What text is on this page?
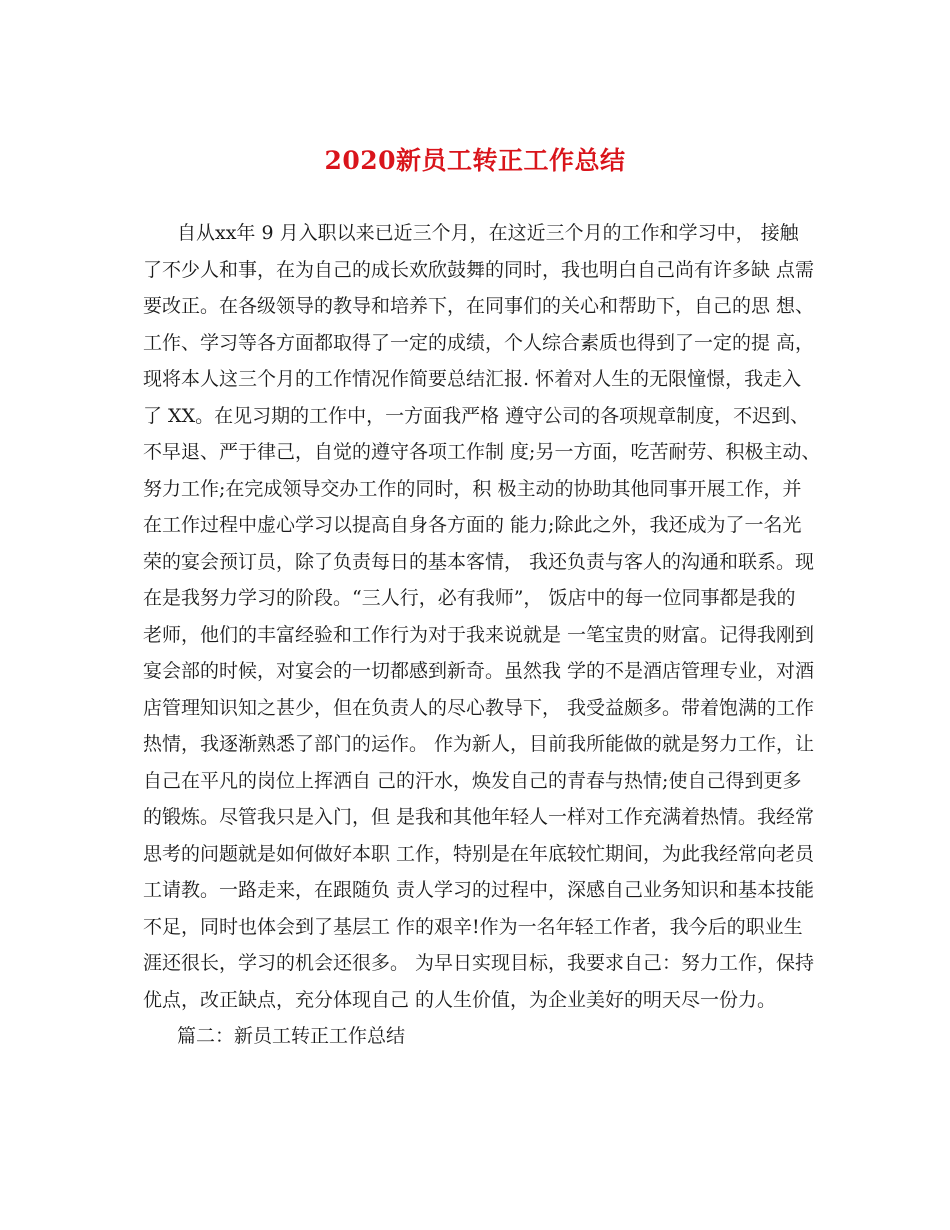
2020新员工转正工作总结
自从xx年 9 月入职以来已近三个月，在这近三个月的工作和学习中， 接触
了不少人和事，在为自己的成长欢欣鼓舞的同时，我也明白自己尚有许多缺 点需
要改正。在各级领导的教导和培养下，在同事们的关心和帮助下，自己的思 想、
工作、学习等各方面都取得了一定的成绩，个人综合素质也得到了一定的提 高，
现将本人这三个月的工作情况作简要总结汇报. 怀着对人生的无限憧憬，我走入
了 XX。在见习期的工作中，一方面我严格 遵守公司的各项规章制度，不迟到、
不早退、严于律己，自觉的遵守各项工作制 度;另一方面，吃苦耐劳、积极主动、
努力工作;在完成领导交办工作的同时，积 极主动的协助其他同事开展工作，并
在工作过程中虚心学习以提高自身各方面的 能力;除此之外，我还成为了一名光
荣的宴会预订员，除了负责每日的基本客情， 我还负责与客人的沟通和联系。现
在是我努力学习的阶段。“三人行，必有我师”， 饭店中的每一位同事都是我的
老师，他们的丰富经验和工作行为对于我来说就是 一笔宝贵的财富。记得我刚到
宴会部的时候，对宴会的一切都感到新奇。虽然我 学的不是酒店管理专业，对酒
店管理知识知之甚少，但在负责人的尽心教导下， 我受益颇多。带着饱满的工作
热情，我逐渐熟悉了部门的运作。 作为新人，目前我所能做的就是努力工作，让
自己在平凡的岗位上挥洒自 己的汗水，焕发自己的青春与热情;使自己得到更多
的锻炼。尽管我只是入门，但 是我和其他年轻人一样对工作充满着热情。我经常
思考的问题就是如何做好本职 工作，特别是在年底较忙期间，为此我经常向老员
工请教。一路走来，在跟随负 责人学习的过程中，深感自己业务知识和基本技能
不足，同时也体会到了基层工 作的艰辛!作为一名年轻工作者，我今后的职业生
涯还很长，学习的机会还很多。 为早日实现目标，我要求自己：努力工作，保持
优点，改正缺点，充分体现自己 的人生价值，为企业美好的明天尽一份力。
篇二：新员工转正工作总结
